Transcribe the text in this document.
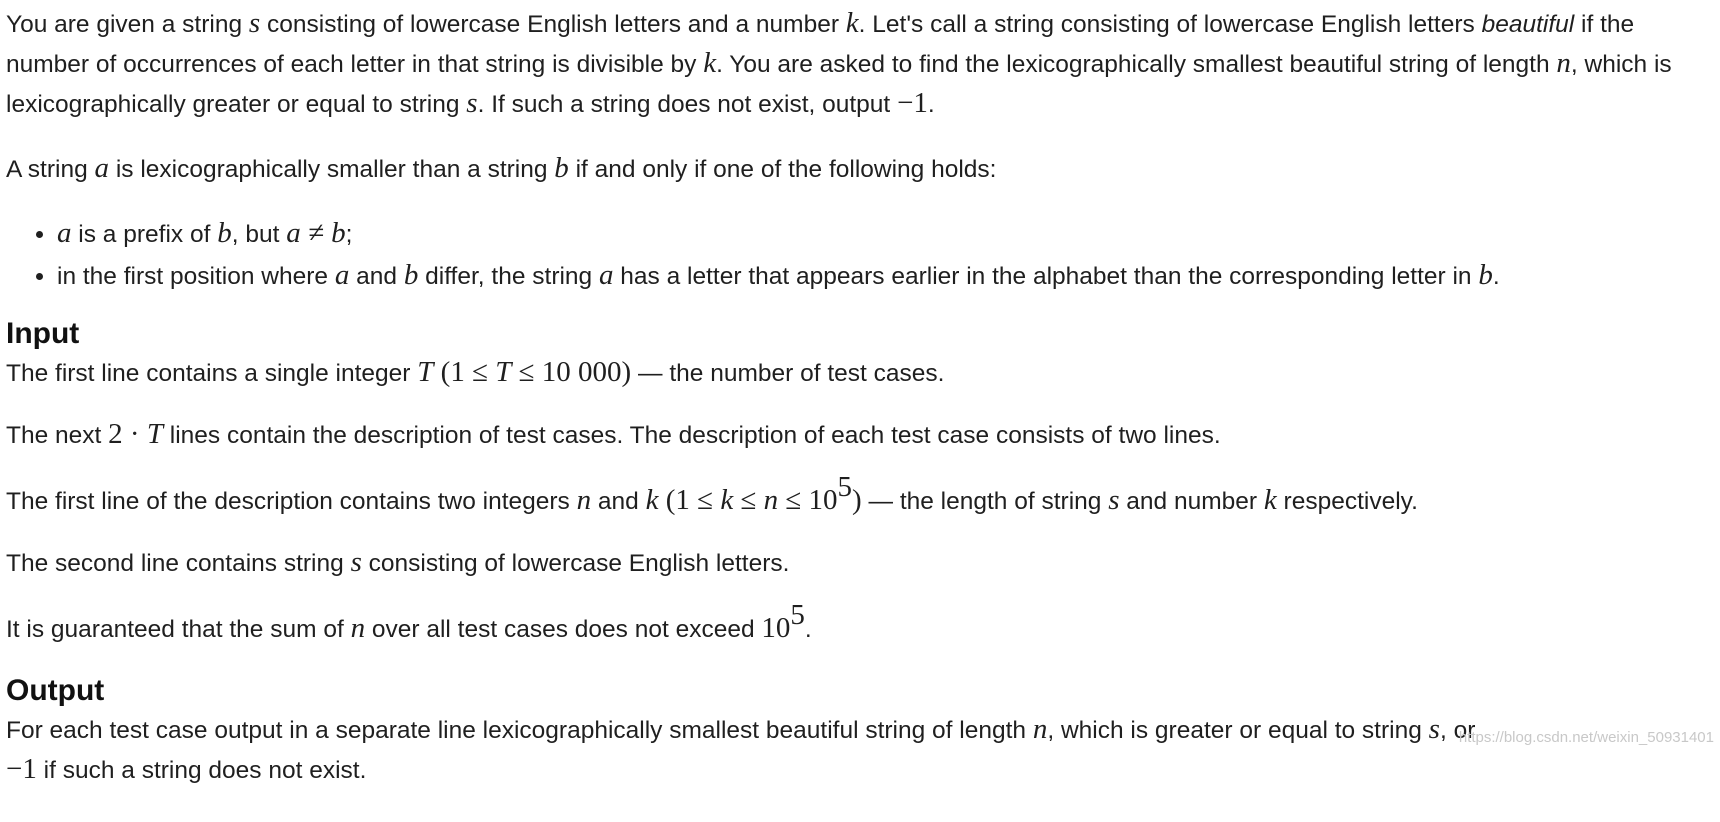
You are given a string s consisting of lowercase English letters and a number k. Let's call a string consisting of lowercase English letters beautiful if the number of occurrences of each letter in that string is divisible by k. You are asked to find the lexicographically smallest beautiful string of length n, which is lexicographically greater or equal to string s. If such a string does not exist, output −1.

A string a is lexicographically smaller than a string b if and only if one of the following holds:

• a is a prefix of b, but a ≠ b;
• in the first position where a and b differ, the string a has a letter that appears earlier in the alphabet than the corresponding letter in b.
Input

The first line contains a single integer T (1 ≤ T ≤ 10 000) — the number of test cases.

The next 2 · T lines contain the description of test cases. The description of each test case consists of two lines.

The first line of the description contains two integers n and k $(1 \le k \le n \le 10^5)$ — the length of string s and number k respectively.

The second line contains string s consisting of lowercase English letters.

It is guaranteed that the sum of n over all test cases does not exceed $10^5$.

Output

For each test case output in a separate line lexicographically smallest beautiful string of length n, which is greater or equal to string s, or
−1 if such a string does not exist.

https://blog.csdn.net/weixin_50931401
